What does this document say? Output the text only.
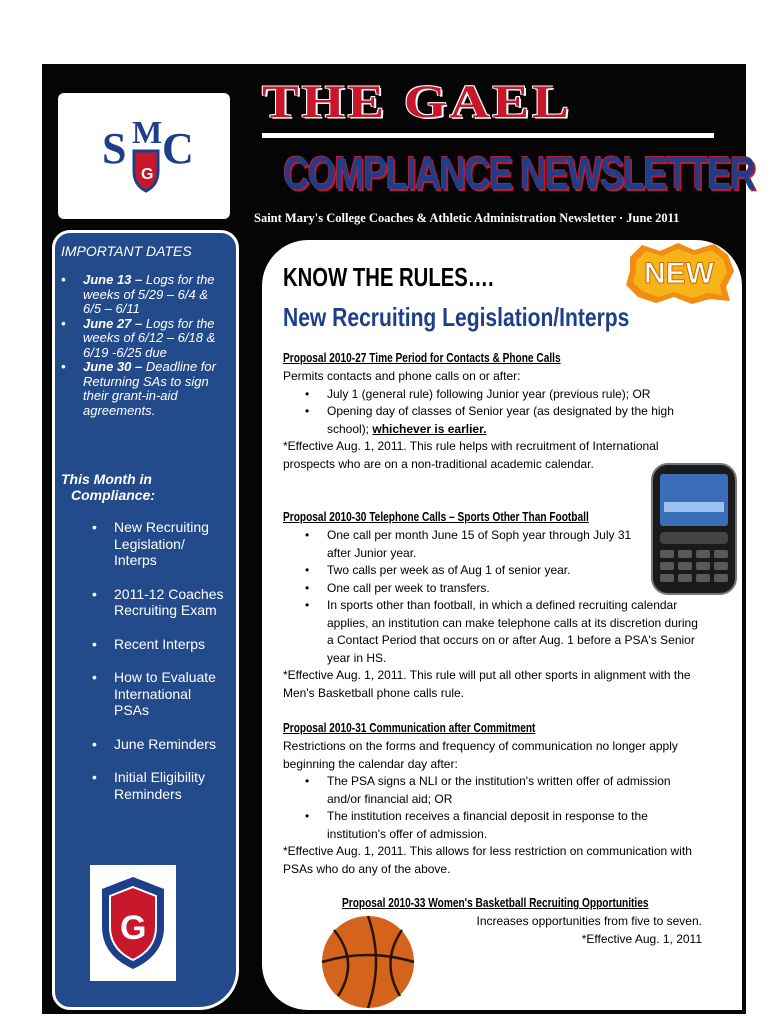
S M C
G
THE GAEL
COMPLIANCE NEWSLETTER
Saint Mary's College Coaches & Athletic Administration Newsletter · June 2011
IMPORTANT DATES
• June 13 – Logs for the weeks of 5/29 – 6/4 & 6/5 – 6/11
• June 27 – Logs for the weeks of 6/12 – 6/18 & 6/19 -6/25 due
• June 30 – Deadline for Returning SAs to sign their grant-in-aid agreements.
This Month in
Compliance:
• New Recruiting Legislation/ Interps
• 2011-12 Coaches Recruiting Exam
• Recent Interps
• How to Evaluate International PSAs
• June Reminders
• Initial Eligibility Reminders
G
KNOW THE RULES….
New Recruiting Legislation/Interps
NEW
Proposal 2010-27 Time Period for Contacts & Phone Calls
Permits contacts and phone calls on or after:
• July 1 (general rule) following Junior year (previous rule); OR
• Opening day of classes of Senior year (as designated by the high school); whichever is earlier.
*Effective Aug. 1, 2011. This rule helps with recruitment of International prospects who are on a non-traditional academic calendar.
Proposal 2010-30 Telephone Calls – Sports Other Than Football
• One call per month June 15 of Soph year through July 31 after Junior year.
• Two calls per week as of Aug 1 of senior year.
• One call per week to transfers.
• In sports other than football, in which a defined recruiting calendar applies, an institution can make telephone calls at its discretion during a Contact Period that occurs on or after Aug. 1 before a PSA's Senior year in HS.
*Effective Aug. 1, 2011. This rule will put all other sports in alignment with the Men's Basketball phone calls rule.
Proposal 2010-31 Communication after Commitment
Restrictions on the forms and frequency of communication no longer apply beginning the calendar day after:
• The PSA signs a NLI or the institution's written offer of admission and/or financial aid; OR
• The institution receives a financial deposit in response to the institution's offer of admission.
*Effective Aug. 1, 2011. This allows for less restriction on communication with PSAs who do any of the above.
Proposal 2010-33 Women's Basketball Recruiting Opportunities
Increases opportunities from five to seven.
*Effective Aug. 1, 2011
